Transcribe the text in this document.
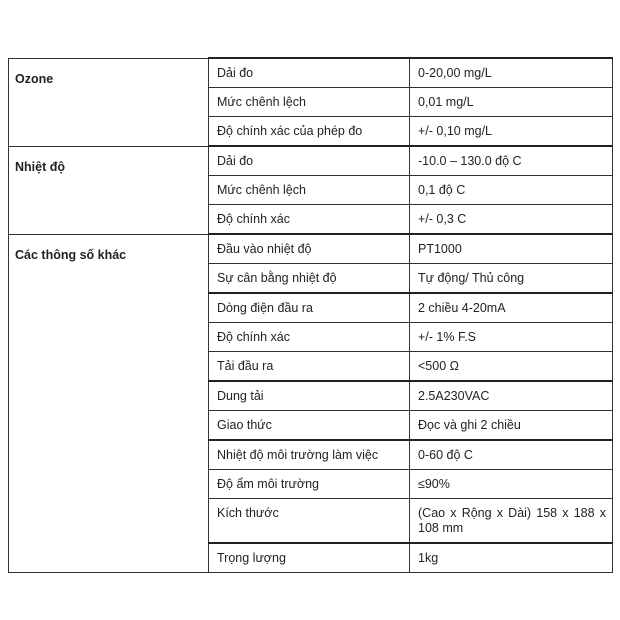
Ozone	Dải đo	0-20,00 mg/L
	Mức chênh lệch	0,01 mg/L
	Độ chính xác của phép đo	+/- 0,10 mg/L
Nhiệt độ	Dải đo	-10.0 – 130.0 độ C
	Mức chênh lệch	0,1 độ C
	Độ chính xác	+/- 0,3 C
Các thông số khác	Đầu vào nhiệt độ	PT1000
	Sự cân bằng nhiệt độ	Tự động/ Thủ công
	Dòng điện đầu ra	2 chiều 4-20mA
	Độ chính xác	+/- 1% F.S
	Tải đầu ra	<500 Ω
	Dung tải	2.5A230VAC
	Giao thức	Đọc và ghi 2 chiều
	Nhiệt độ môi trường làm việc	0-60 độ C
	Độ ẩm môi trường	≤90%
	Kích thước	(Cao x Rộng x Dài) 158 x 188 x 108 mm
	Trọng lượng	1kg
